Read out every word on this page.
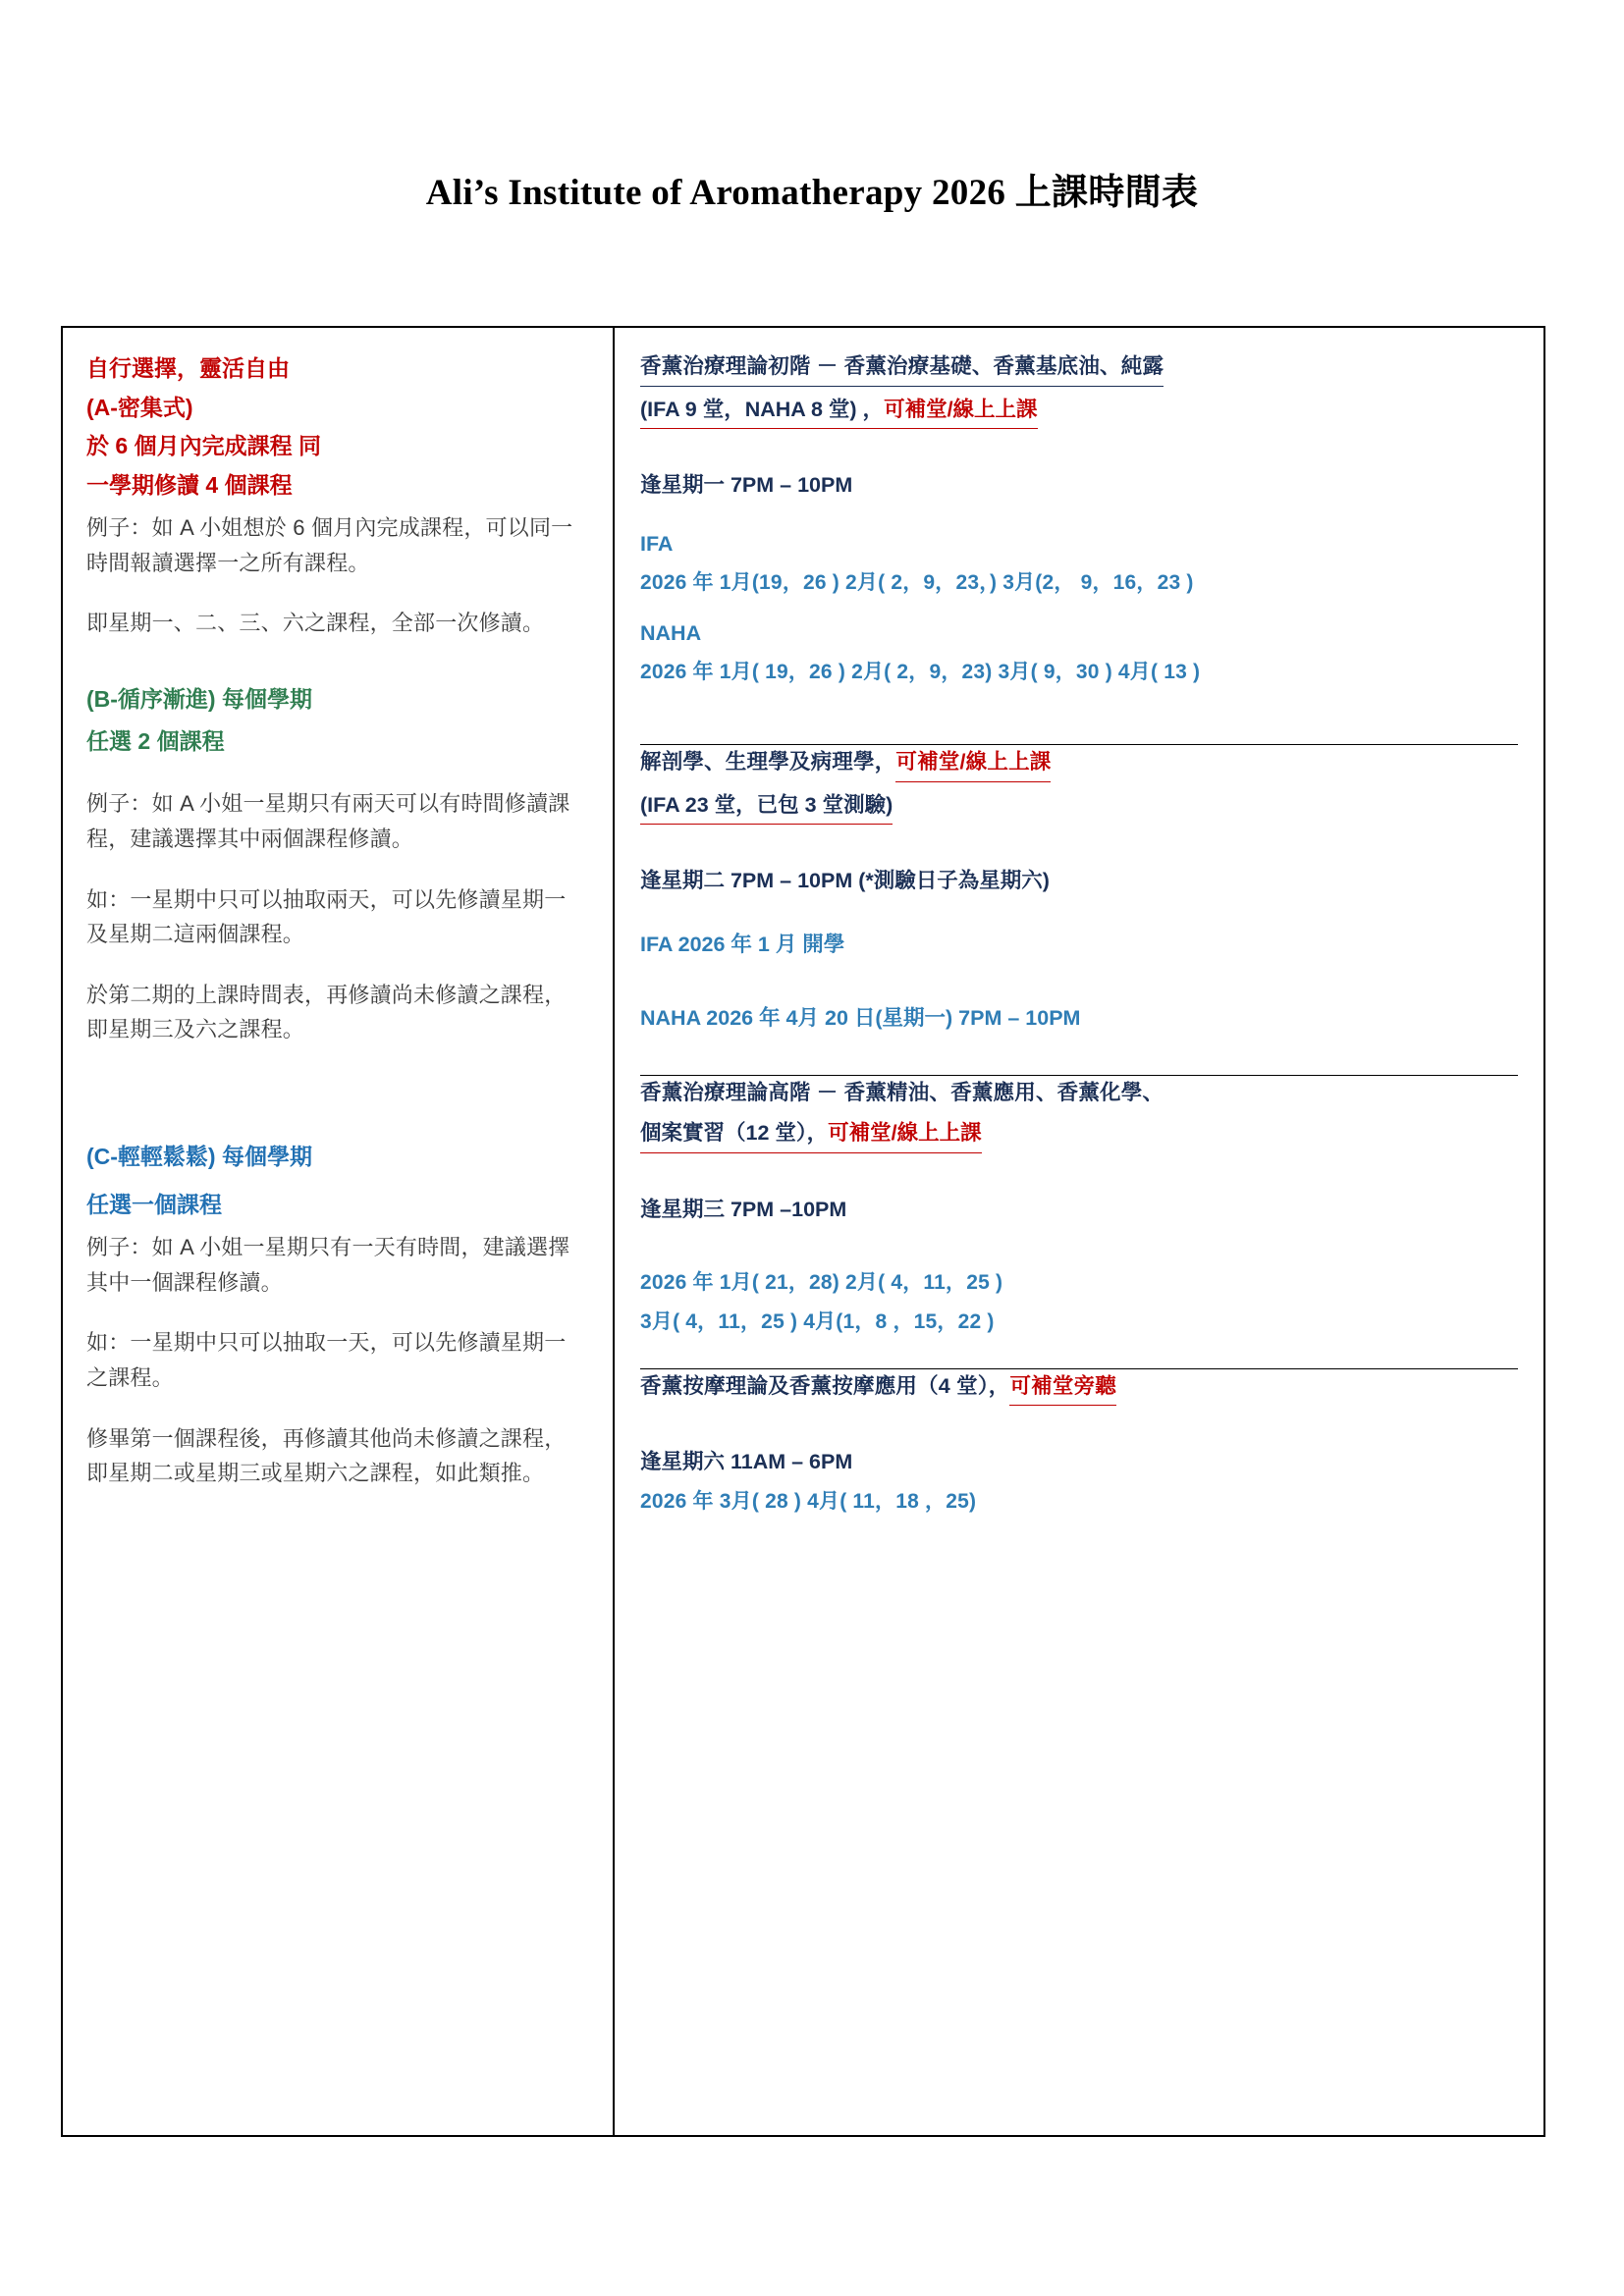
Ali’s Institute of Aromatherapy 2026 上課時間表
自行選擇，靈活自由
(A-密集式)
於 6 個月內完成課程 同
一學期修讀 4 個課程
例子：如 A 小姐想於 6 個月內完成課程，可以同一時間報讀選擇一之所有課程。
即星期一、二、三、六之課程，全部一次修讀。
(B-循序漸進) 每個學期
任選 2 個課程
例子：如 A 小姐一星期只有兩天可以有時間修讀課程，建議選擇其中兩個課程修讀。
如：一星期中只可以抽取兩天，可以先修讀星期一及星期二這兩個課程。
於第二期的上課時間表，再修讀尚未修讀之課程，即星期三及六之課程。
(C-輕輕鬆鬆) 每個學期
任選一個課程
例子：如 A 小姐一星期只有一天有時間，建議選擇其中一個課程修讀。
如：一星期中只可以抽取一天，可以先修讀星期一之課程。
修畢第一個課程後，再修讀其他尚未修讀之課程，即星期二或星期三或星期六之課程，如此類推。
香薰治療理論初階 － 香薰治療基礎、香薰基底油、純露
(IFA 9 堂，NAHA 8 堂) ，可補堂/線上上課
逢星期一 7PM – 10PM
IFA
2026 年 1月(19，26 ) 2月( 2，9，23，) 3月(2， 9，16，23 )
NAHA
2026 年 1月( 19，26 ) 2月( 2，9，23) 3月( 9，30 ) 4月( 13 )
解剖學、生理學及病理學，可補堂/線上上課
(IFA 23 堂，已包 3 堂測驗)
逢星期二 7PM – 10PM (*測驗日子為星期六)
IFA 2026 年 1 月 開學
NAHA 2026 年 4月 20 日(星期一) 7PM – 10PM
香薰治療理論高階 － 香薰精油、香薰應用、香薰化學、
個案實習（12 堂），可補堂/線上上課
逢星期三 7PM –10PM
2026 年 1月( 21，28) 2月( 4，11，25 )
3月( 4，11，25 ) 4月(1，8 ，15，22 )
香薰按摩理論及香薰按摩應用（4 堂），可補堂旁聽
逢星期六 11AM – 6PM
2026 年 3月( 28 ) 4月( 11，18 ，25)
